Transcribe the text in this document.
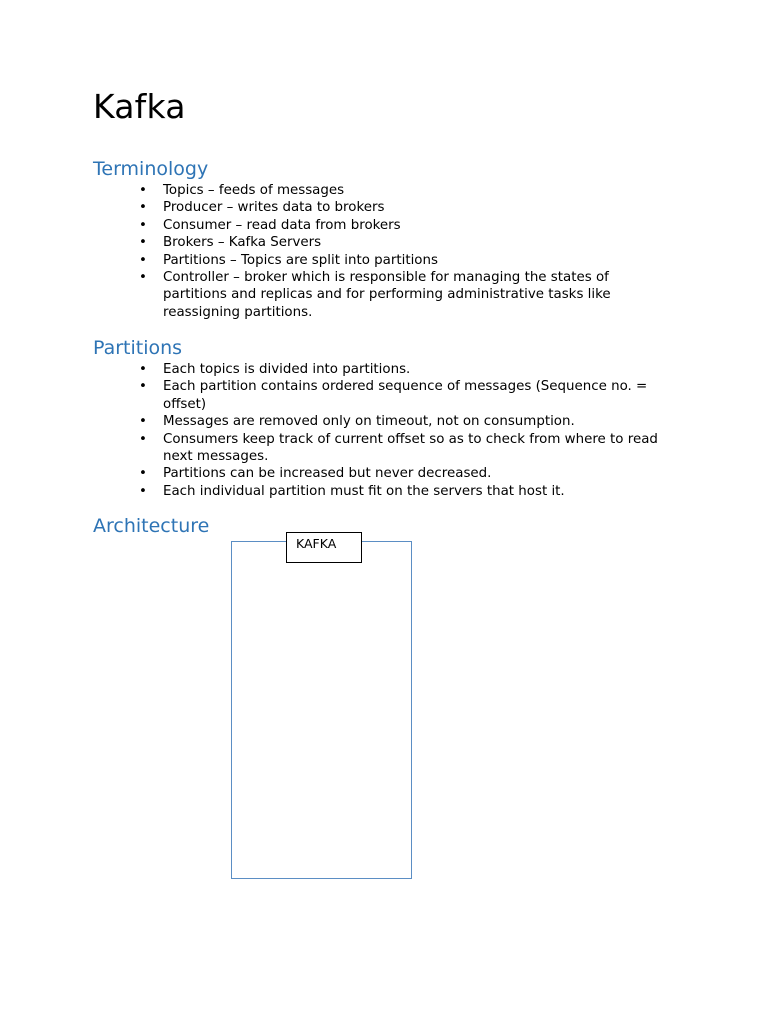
Kafka
Terminology
• Topics – feeds of messages
• Producer – writes data to brokers
• Consumer – read data from brokers
• Brokers – Kafka Servers
• Partitions – Topics are split into partitions
• Controller – broker which is responsible for managing the states of partitions and replicas and for performing administrative tasks like reassigning partitions.
Partitions
• Each topics is divided into partitions.
• Each partition contains ordered sequence of messages (Sequence no. = offset)
• Messages are removed only on timeout, not on consumption.
• Consumers keep track of current offset so as to check from where to read next messages.
• Partitions can be increased but never decreased.
• Each individual partition must fit on the servers that host it.
Architecture
KAFKA
